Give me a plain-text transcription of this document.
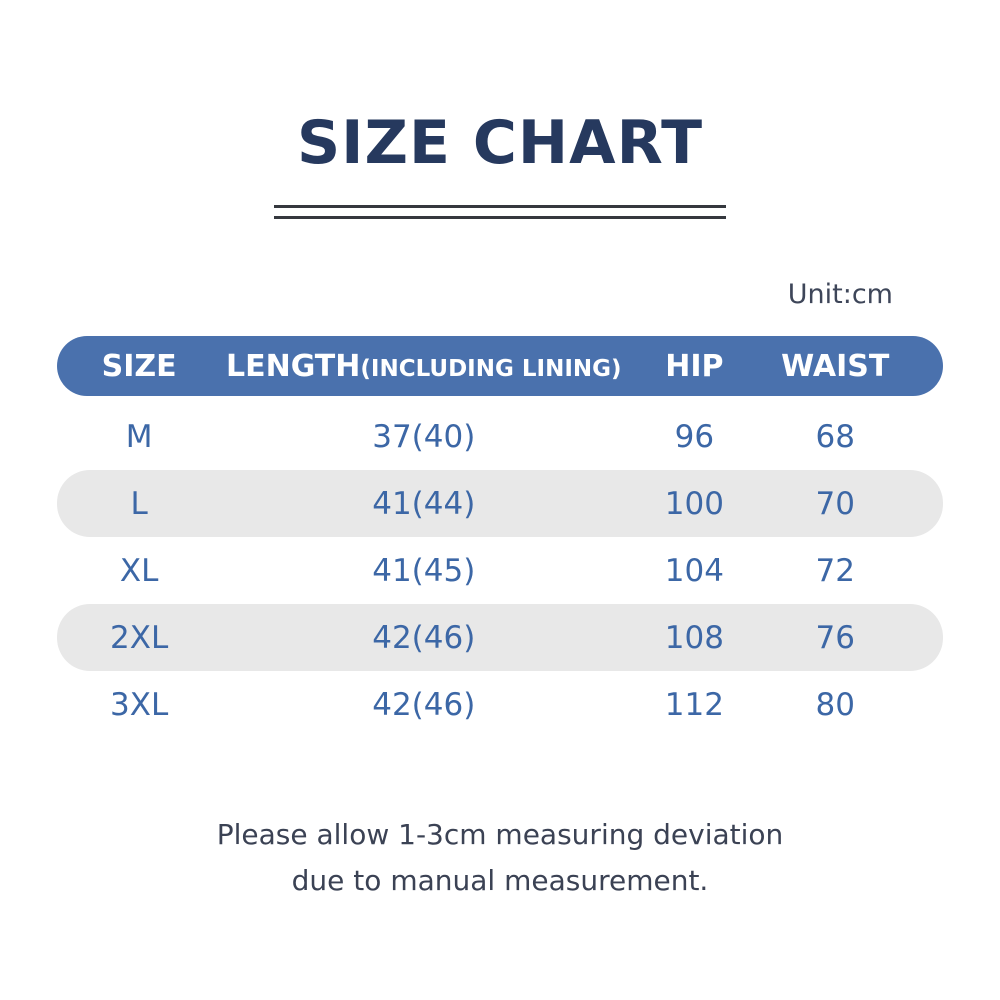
SIZE CHART
Unit:cm
SIZE	LENGTH(INCLUDING LINING)	HIP	WAIST
M	37(40)	96	68
L	41(44)	100	70
XL	41(45)	104	72
2XL	42(46)	108	76
3XL	42(46)	112	80
Please allow 1-3cm measuring deviation
due to manual measurement.
